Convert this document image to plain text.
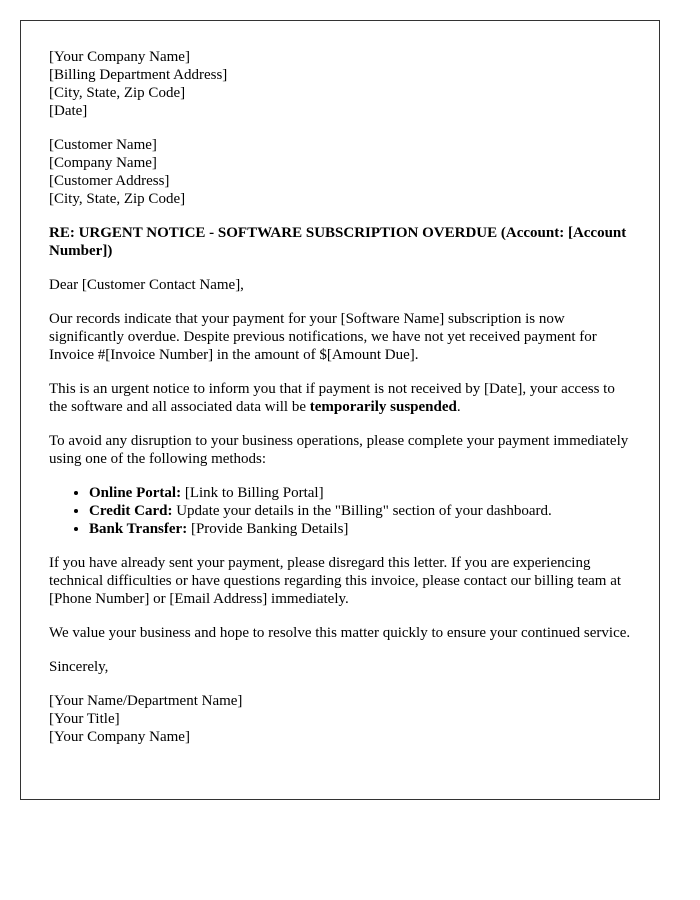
[Your Company Name]
[Billing Department Address]
[City, State, Zip Code]
[Date]
[Customer Name]
[Company Name]
[Customer Address]
[City, State, Zip Code]
RE: URGENT NOTICE - SOFTWARE SUBSCRIPTION OVERDUE (Account: [Account Number])

Dear [Customer Contact Name],

Our records indicate that your payment for your [Software Name] subscription is now significantly overdue. Despite previous notifications, we have not yet received payment for Invoice #[Invoice Number] in the amount of $[Amount Due].

This is an urgent notice to inform you that if payment is not received by [Date], your access to the software and all associated data will be temporarily suspended.

To avoid any disruption to your business operations, please complete your payment immediately using one of the following methods:

• Online Portal: [Link to Billing Portal]
• Credit Card: Update your details in the "Billing" section of your dashboard.
• Bank Transfer: [Provide Banking Details]

If you have already sent your payment, please disregard this letter. If you are experiencing technical difficulties or have questions regarding this invoice, please contact our billing team at [Phone Number] or [Email Address] immediately.

We value your business and hope to resolve this matter quickly to ensure your continued service.

Sincerely,

[Your Name/Department Name]
[Your Title]
[Your Company Name]
